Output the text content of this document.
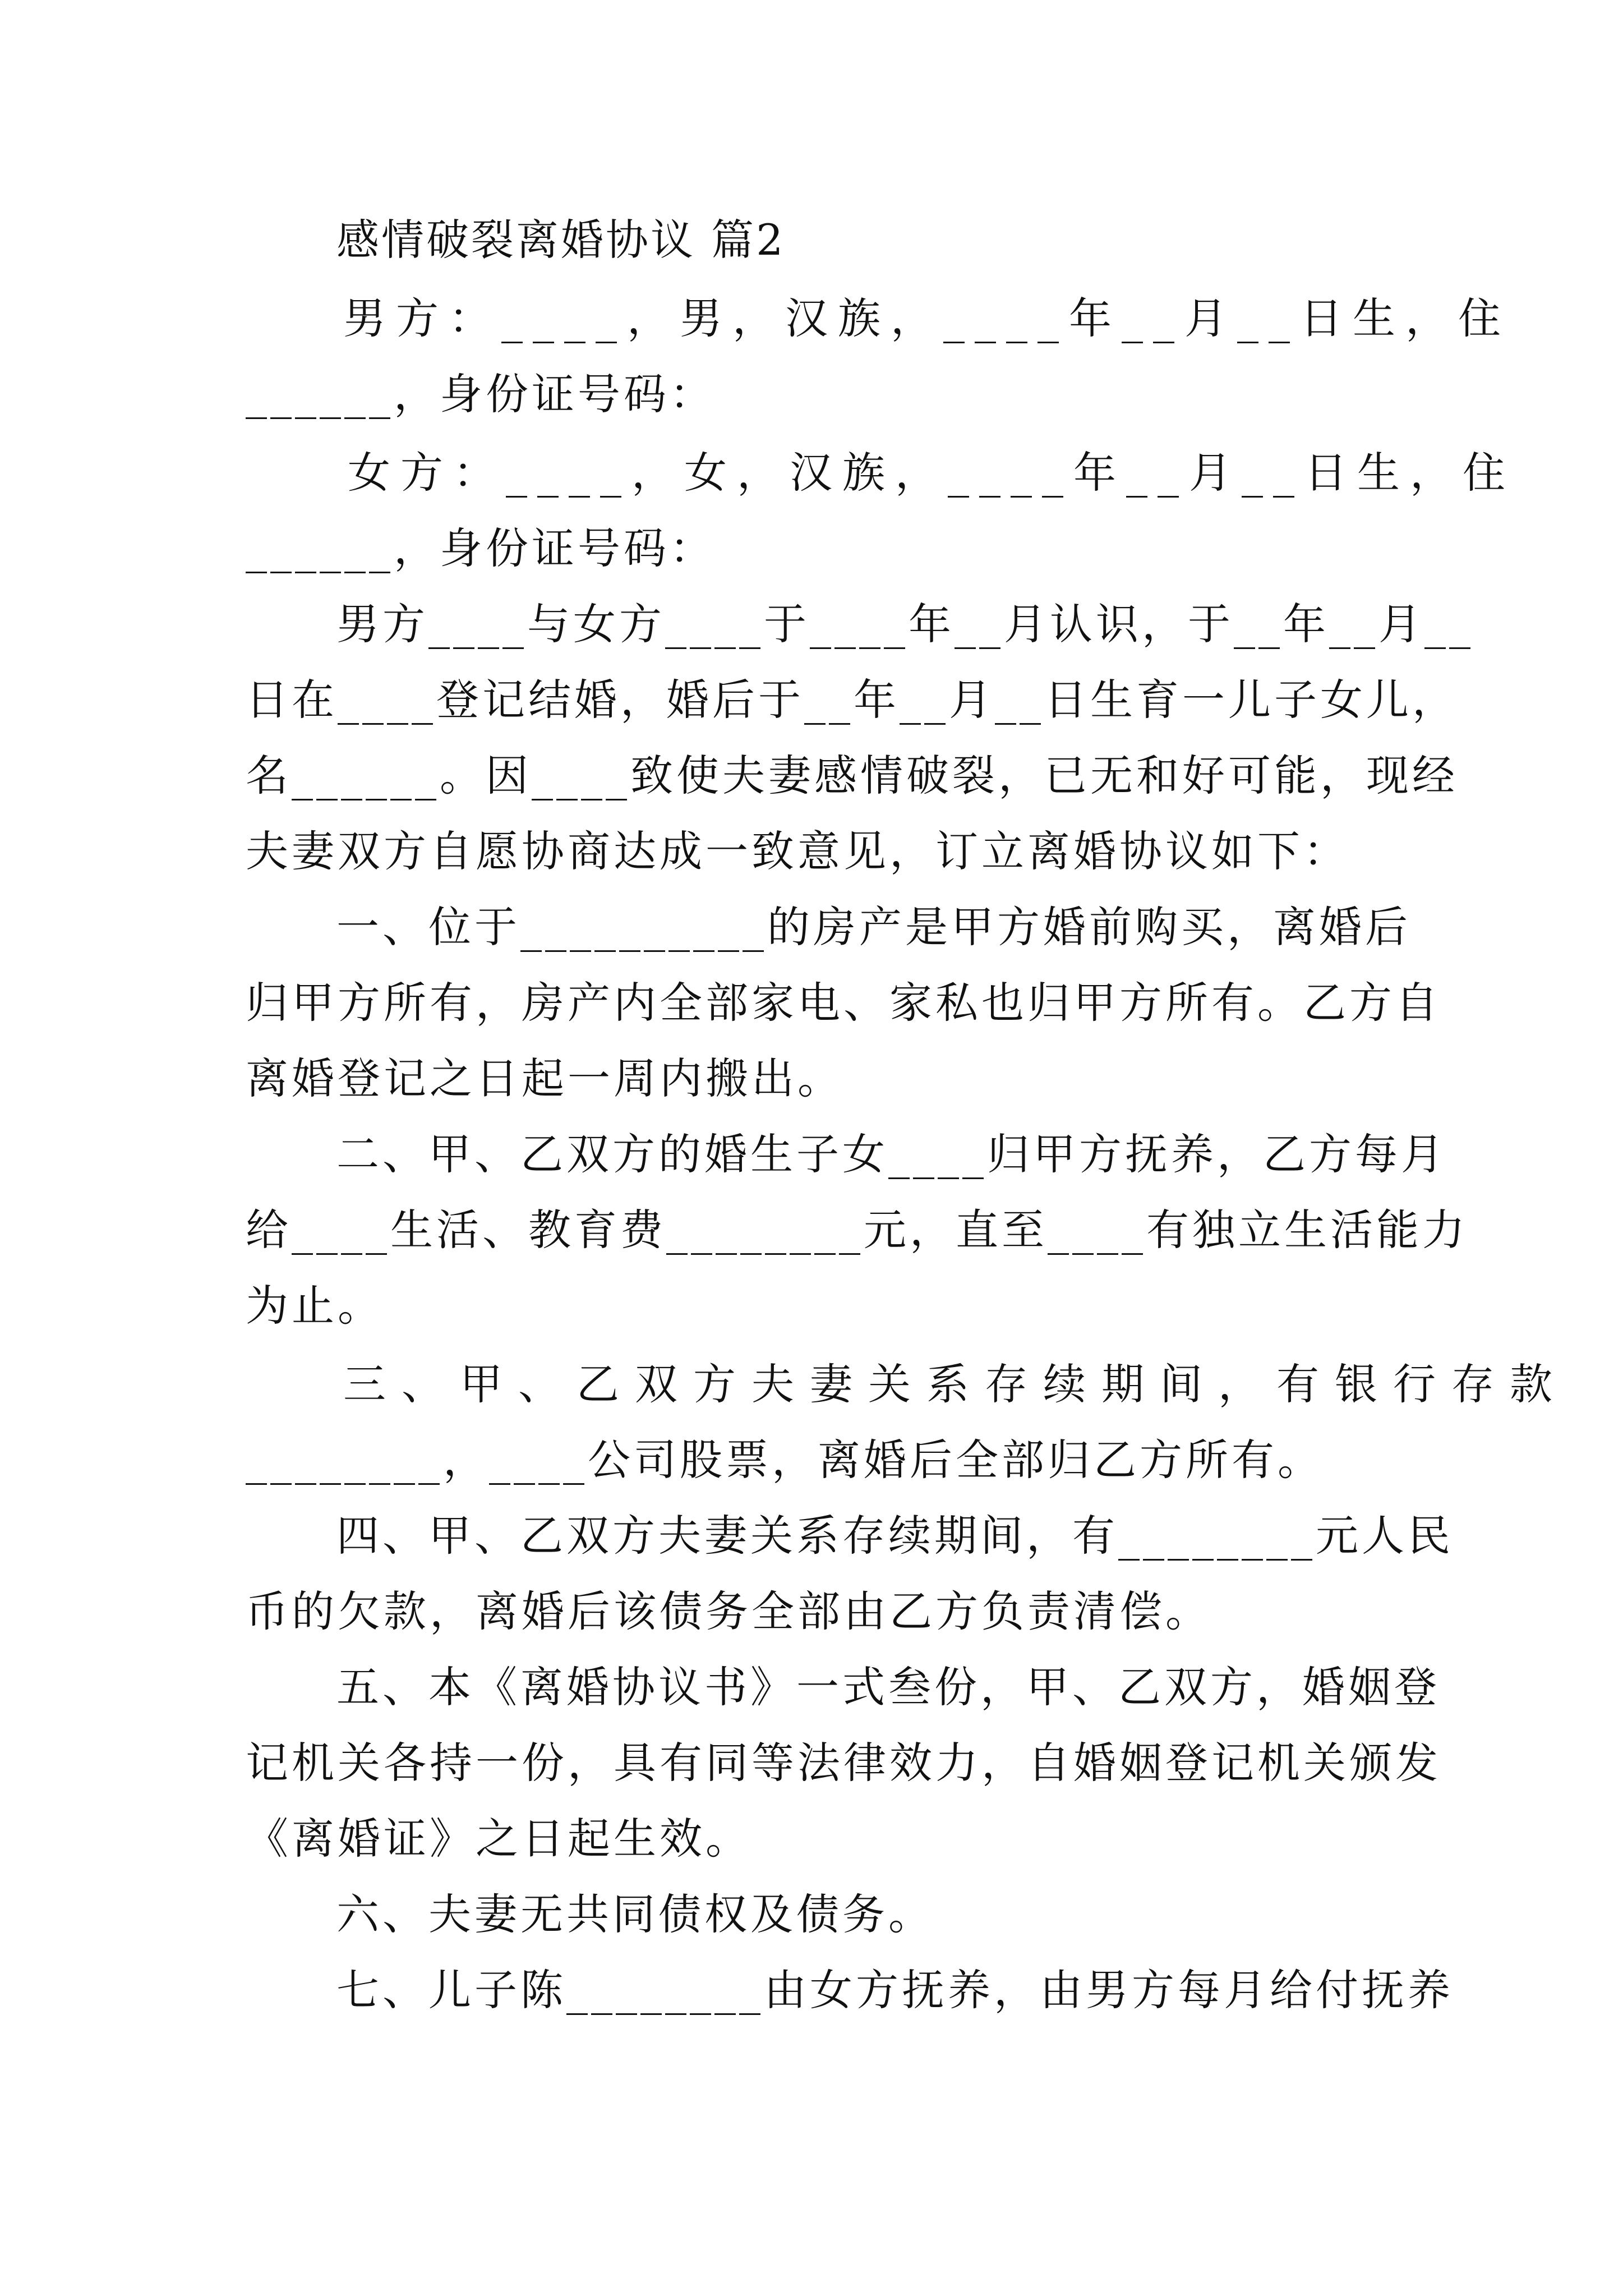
感情破裂离婚协议 篇2
男方：____，男，汉族，____年__月__日生，住
______，身份证号码：
女方：____，女，汉族，____年__月__日生，住
______，身份证号码：
男方____与女方____于____年__月认识，于__年__月__
日在____登记结婚，婚后于__年__月__日生育一儿子女儿，
名______。因____致使夫妻感情破裂，已无和好可能，现经
夫妻双方自愿协商达成一致意见，订立离婚协议如下：
一、位于__________的房产是甲方婚前购买，离婚后
归甲方所有，房产内全部家电、家私也归甲方所有。乙方自
离婚登记之日起一周内搬出。
二、甲、乙双方的婚生子女____归甲方抚养，乙方每月
给____生活、教育费________元，直至____有独立生活能力
为止。
三、甲、乙双方夫妻关系存续期间，有银行存款
________，____公司股票，离婚后全部归乙方所有。
四、甲、乙双方夫妻关系存续期间，有________元人民
币的欠款，离婚后该债务全部由乙方负责清偿。
五、本《离婚协议书》一式叁份，甲、乙双方，婚姻登
记机关各持一份，具有同等法律效力，自婚姻登记机关颁发
《离婚证》之日起生效。
六、夫妻无共同债权及债务。
七、儿子陈________由女方抚养，由男方每月给付抚养
